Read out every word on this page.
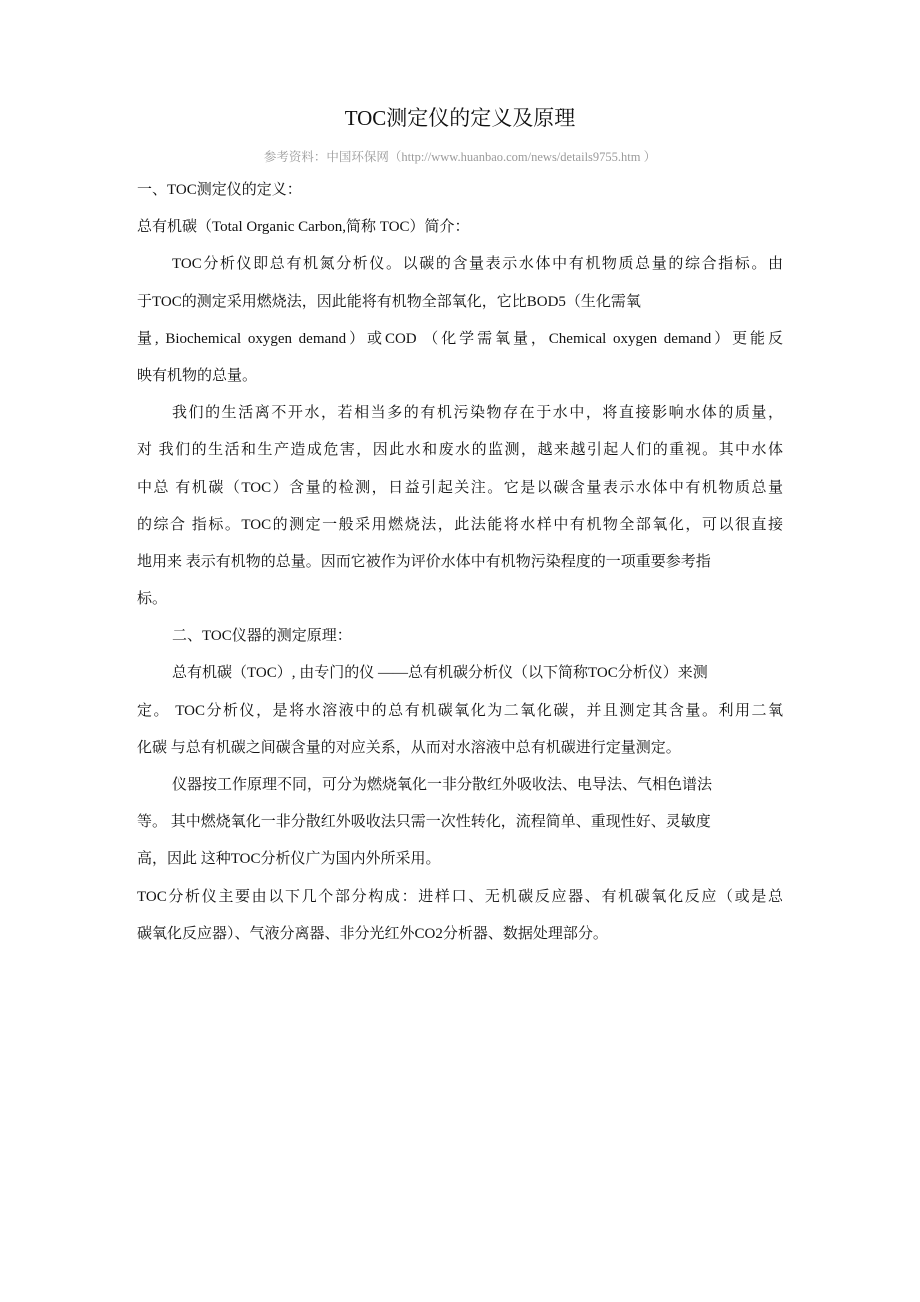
TOC测定仪的定义及原理
参考资料：中国环保网（http://www.huanbao.com/news/details9755.htm ）
一、TOC测定仪的定义：
总有机碳（Total Organic Carbon,简称 TOC）简介：
TOC分析仪即总有机氮分析仪。以碳的含量表示水体中有机物质总量的综合指标。由
于TOC的测定采用燃烧法，因此能将有机物全部氧化，它比BOD5（生化需氧
量, Biochemical oxygen demand）或COD （化学需氧量，Chemical oxygen demand）更能反
映有机物的总量。
我们的生活离不开水，若相当多的有机污染物存在于水中，将直接影响水体的质量，
对 我们的生活和生产造成危害，因此水和废水的监测，越来越引起人们的重视。其中水体
中总 有机碳（TOC）含量的检测，日益引起关注。它是以碳含量表示水体中有机物质总量
的综合 指标。TOC的测定一般采用燃烧法，此法能将水样中有机物全部氧化，可以很直接
地用来 表示有机物的总量。因而它被作为评价水体中有机物污染程度的一项重要参考指
标。
二、TOC仪器的测定原理：
总有机碳（TOC）, 由专门的仪 ——总有机碳分析仪（以下简称TOC分析仪）来测
定。 TOC分析仪，是将水溶液中的总有机碳氧化为二氧化碳，并且测定其含量。利用二氧
化碳 与总有机碳之间碳含量的对应关系，从而对水溶液中总有机碳进行定量测定。
仪器按工作原理不同，可分为燃烧氧化一非分散红外吸收法、电导法、气相色谱法
等。 其中燃烧氧化一非分散红外吸收法只需一次性转化，流程简单、重现性好、灵敏度
高，因此 这种TOC分析仪广为国内外所采用。
TOC分析仪主要由以下几个部分构成：进样口、无机碳反应器、有机碳氧化反应（或是总
碳氧化反应器）、气液分离器、非分光红外CO2分析器、数据处理部分。
